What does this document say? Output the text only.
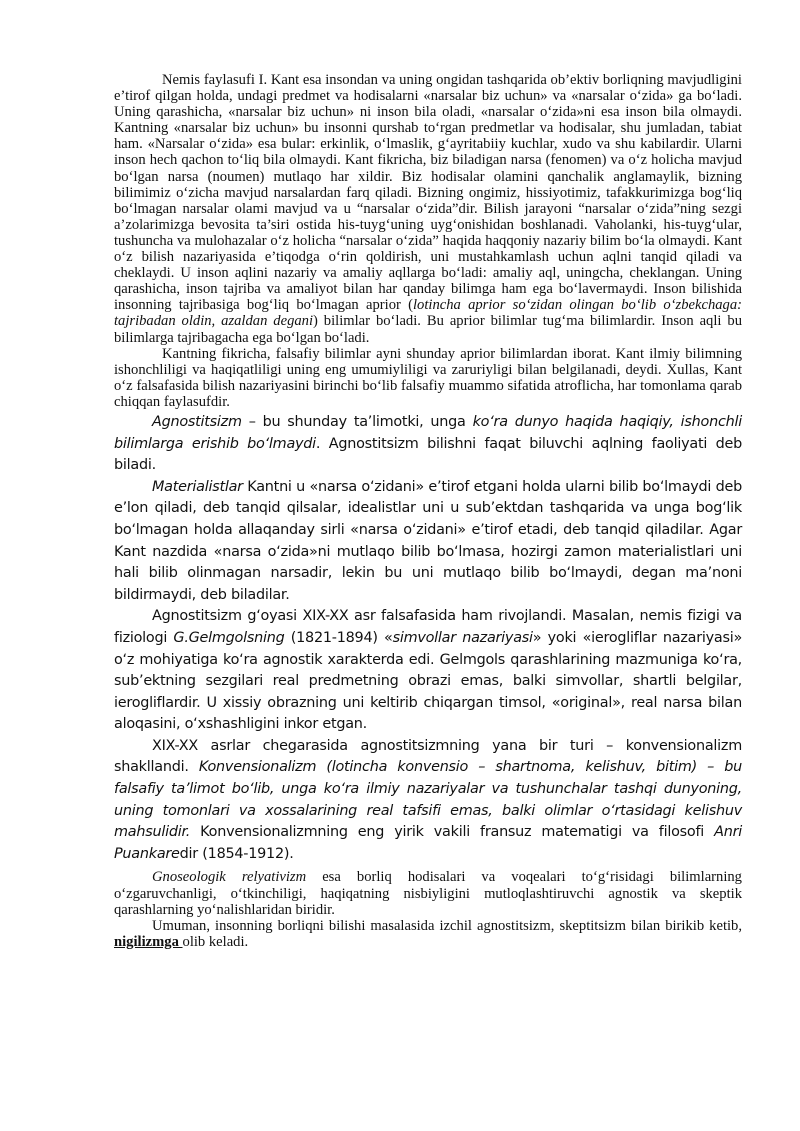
Nemis faylasufi I. Kant esa insondan va uning ongidan tashqarida ob’ektiv borliqning mavjudligini e’tirof qilgan holda, undagi predmet va hodisalarni «narsalar biz uchun» va «narsalar o‘zida» ga bo‘ladi. Uning qarashicha, «narsalar biz uchun» ni inson bila oladi, «narsalar o‘zida»ni esa inson bila olmaydi. Kantning «narsalar biz uchun» bu insonni qurshab to‘rgan predmetlar va hodisalar, shu jumladan, tabiat ham. «Narsalar o‘zida» esa bular: erkinlik, o‘lmaslik, g‘ayritabiiy kuchlar, xudo va shu kabilardir. Ularni inson hech qachon to‘liq bila olmaydi. Kant fikricha, biz biladigan narsa (fenomen) va o‘z holicha mavjud bo‘lgan narsa (noumen) mutlaqo har xildir. Biz hodisalar olamini qanchalik anglamaylik, bizning bilimimiz o‘zicha mavjud narsalardan farq qiladi. Bizning ongimiz, hissiyotimiz, tafakkurimizga bog‘liq bo‘lmagan narsalar olami mavjud va u “narsalar o‘zida”dir. Bilish jarayoni “narsalar o‘zida”ning sezgi a’zolarimizga bevosita ta’siri ostida his-tuyg‘uning uyg‘onishidan boshlanadi. Vaholanki, his-tuyg‘ular, tushuncha va mulohazalar o‘z holicha “narsalar o‘zida” haqida haqqoniy nazariy bilim bo‘la olmaydi. Kant o‘z bilish nazariyasida e’tiqodga o‘rin qoldirish, uni mustahkamlash uchun aqlni tanqid qiladi va cheklaydi. U inson aqlini nazariy va amaliy aqllarga bo‘ladi: amaliy aql, uningcha, cheklangan. Uning qarashicha, inson tajriba va amaliyot bilan har qanday bilimga ham ega bo‘lavermaydi. Inson bilishida insonning tajribasiga bog‘liq bo‘lmagan aprior (lotincha aprior so‘zidan olingan bo‘lib o‘zbekchaga: tajribadan oldin, azaldan degani) bilimlar bo‘ladi. Bu aprior bilimlar tug‘ma bilimlardir. Inson aqli bu bilimlarga tajribagacha ega bo‘lgan bo‘ladi.

Kantning fikricha, falsafiy bilimlar ayni shunday aprior bilimlardan iborat. Kant ilmiy bilimning ishonchliligi va haqiqatliligi uning eng umumiyliligi va zaruriyligi bilan belgilanadi, deydi. Xullas, Kant o‘z falsafasida bilish nazariyasini birinchi bo‘lib falsafiy muammo sifatida atroflicha, har tomonlama qarab chiqqan faylasufdir.

Agnostitsizm – bu shunday ta’limotki, unga ko‘ra dunyo haqida haqiqiy, ishonchli bilimlarga erishib bo‘lmaydi. Agnostitsizm bilishni faqat biluvchi aqlning faoliyati deb biladi.

Materialistlar Kantni u «narsa o‘zidani» e’tirof etgani holda ularni bilib bo‘lmaydi deb e’lon qiladi, deb tanqid qilsalar, idealistlar uni u sub’ektdan tashqarida va unga bog‘lik bo‘lmagan holda allaqanday sirli «narsa o‘zidani» e’tirof etadi, deb tanqid qiladilar. Agar Kant nazdida «narsa o‘zida»ni mutlaqo bilib bo‘lmasa, hozirgi zamon materialistlari uni hali bilib olinmagan narsadir, lekin bu uni mutlaqo bilib bo‘lmaydi, degan ma’noni bildirmaydi, deb biladilar.

Agnostitsizm g‘oyasi XIX-XX asr falsafasida ham rivojlandi. Masalan, nemis fizigi va fiziologi G.Gelmgolsning (1821-1894) «simvollar nazariyasi» yoki «ierogliflar nazariyasi» o‘z mohiyatiga ko‘ra agnostik xarakterda edi. Gelmgols qarashlarining mazmuniga ko‘ra, sub’ektning sezgilari real predmetning obrazi emas, balki simvollar, shartli belgilar, ierogliflardir. U xissiy obrazning uni keltirib chiqargan timsol, «original», real narsa bilan aloqasini, o‘xshashligini inkor etgan.

XIX-XX asrlar chegarasida agnostitsizmning yana bir turi – konvensionalizm shakllandi. Konvensionalizm (lotincha konvensio – shartnoma, kelishuv, bitim) – bu falsafiy ta’limot bo‘lib, unga ko‘ra ilmiy nazariyalar va tushunchalar tashqi dunyoning, uning tomonlari va xossalarining real tafsifi emas, balki olimlar o‘rtasidagi kelishuv mahsulidir. Konvensionalizmning eng yirik vakili fransuz matematigi va filosofi Anri Puankaredir (1854-1912).

Gnoseologik relyativizm esa borliq hodisalari va voqealari to‘g‘risidagi bilimlarning o‘zgaruvchanligi, o‘tkinchiligi, haqiqatning nisbiyligini mutloqlashtiruvchi agnostik va skeptik qarashlarning yo‘nalishlaridan biridir.

Umuman, insonning borliqni bilishi masalasida izchil agnostitsizm, skeptitsizm bilan birikib ketib, nigilizmga olib keladi.
